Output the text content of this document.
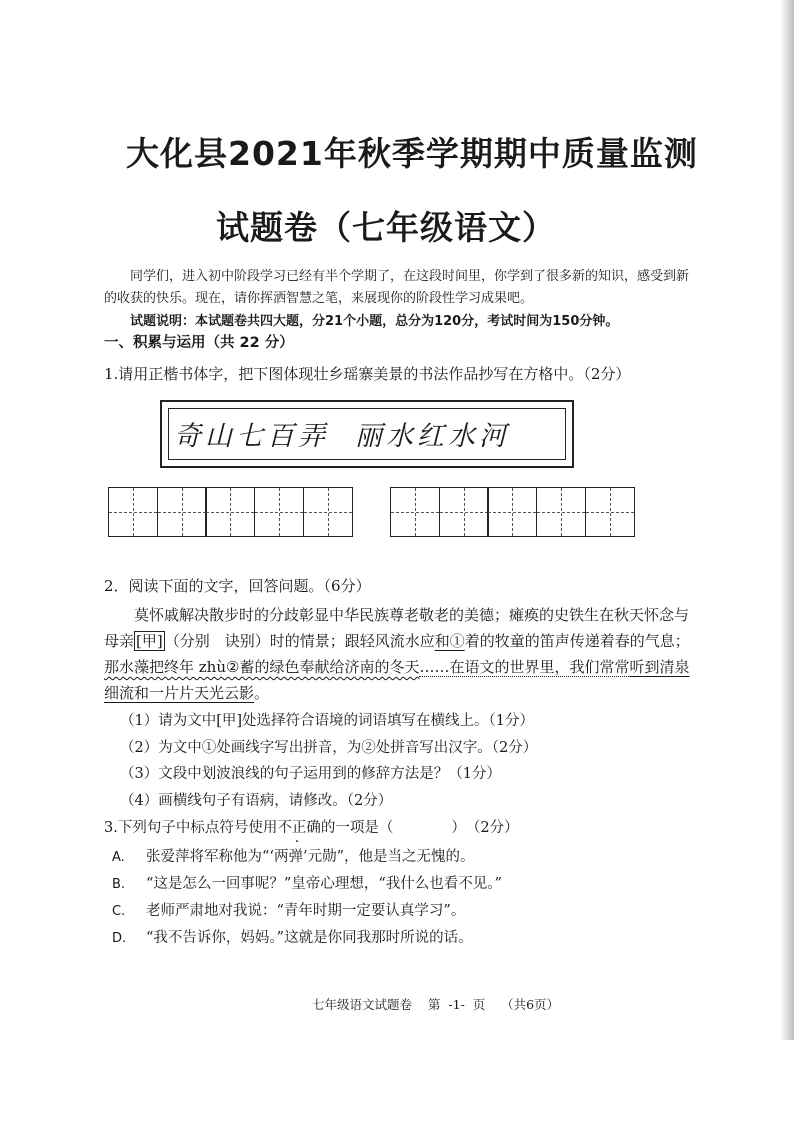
大化县2021年秋季学期期中质量监测
试题卷（七年级语文）
同学们，进入初中阶段学习已经有半个学期了，在这段时间里，你学到了很多新的知识，感受到新的收获的快乐。现在，请你挥洒智慧之笔，来展现你的阶段性学习成果吧。
试题说明：本试题卷共四大题，分21个小题，总分为120分，考试时间为150分钟。
一、积累与运用（共 22 分）
1.请用正楷书体字，把下图体现壮乡瑶寨美景的书法作品抄写在方格中。（2分）
奇山七百弄 丽水红水河
2．阅读下面的文字，回答问题。（6分）
莫怀戚解决散步时的分歧彰显中华民族尊老敬老的美德；瘫痪的史铁生在秋天怀念与母亲 [甲] （分别　诀别）时的情景；跟轻风流水应和①着的牧童的笛声传递着春的气息；那水藻把终年 zhù②蓄的绿色奉献给济南的冬天……在语文的世界里，我们常常听到清泉细流和一片片天光云影。
（1）请为文中[甲]处选择符合语境的词语填写在横线上。（1分）
（2）为文中①处画线字写出拼音，为②处拼音写出汉字。（2分）
（3）文段中划波浪线的句子运用到的修辞方法是？（1分）
（4）画横线句子有语病，请修改。（2分）
3.下列句子中标点符号使用不正确的一项是（　　　　）　（2分）
A. 张爱萍将军称他为“‘两弹’元勋”，他是当之无愧的。
B. “这是怎么一回事呢？”皇帝心理想，“我什么也看不见。”
C. 老师严肃地对我说：“青年时期一定要认真学习”。
D. “我不告诉你，妈妈。”这就是你同我那时所说的话。
七年级语文试题卷 第 -1- 页 （共6页）
